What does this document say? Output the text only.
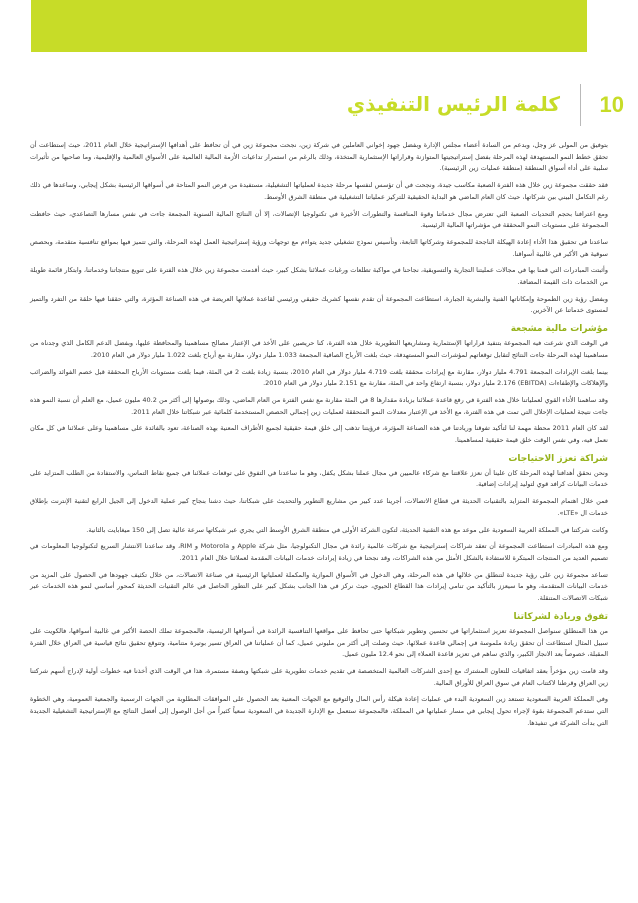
10
كلمة الرئيس التنفيذي

بتوفيق من المولى عز وجل، وبدعم من السادة أعضاء مجلس الإدارة وبفضل جهود إخواني العاملين في شركة زين، نجحت مجموعة زين في أن تحافظ على أهدافها الإستراتيجية خلال العام 2011، حيث إستطاعت أن تحقق خطط النمو المستهدفة لهذه المرحلة بفضل إستراتيجيتها المتوازنة وقراراتها الإستثمارية المتخذة، وذلك بالرغم من استمرار تداعيات الأزمة المالية العالمية على الأسواق العالمية والإقليمية، وما صاحبها من تأثيرات سلبية على أداء أسواق المنطقة (منطقة عمليات زين الرئيسية).

فقد حققت مجموعة زين خلال هذه الفترة الصعبة مكاسب جيدة، ونجحت في أن تؤسس لنفسها مرحلة جديدة لعملياتها التشغيلية، مستفيدة من فرص النمو المتاحة في أسواقها الرئيسية بشكل إيجابي، وساعدها في ذلك رغم التكامل البيني بين شركاتها، حيث كان العام الماضي هو البداية الحقيقية للتركيز عملياتنا التشغيلية في منطقة الشرق الأوسط.

ومع اعترافنا بحجم التحديات الصعبة التي تعترض مجال خدماتنا وقوة المنافسة والتطورات الأخيرة في تكنولوجيا الإتصالات، إلا أن النتائج المالية السنوية المجمعة جاءت في نفس مسارها التصاعدي، حيث حافظت المجموعة على مستويات النمو المحققة في مؤشراتها المالية الرئيسية.

ساعدنا في تحقيق هذا الأداء إعادة الهيكلة الناجحة للمجموعة وشركاتها التابعة، وتأسيس نموذج تشغيلي جديد يتواءم مع توجهات ورؤية إستراتيجية العمل لهذه المرحلة، والتي تتميز فيها بمواقع تنافسية متقدمة، وبحصص سوقية هي الأكبر في غالبية أسواقنا.

وأثبتت المبادرات التي قمنا بها في مجالات عمليتنا التجارية والتسويقية، نجاحنا في مواكبة تطلعات ورغبات عملائنا بشكل كبير، حيث أقدمت مجموعة زين خلال هذه الفترة على تنويع منتجاتنا وخدماتنا، وابتكار قائمة طويلة من الخدمات ذات القيمة المضافة.

وبفضل رؤية زين الطموحة وإمكاناتها الفنية والبشرية الجبارة، استطاعت المجموعة أن تقدم نفسها كشريك حقيقي ورئيسي لقاعدة عملائها العريضة في هذه الصناعة المؤثرة، والتي حققنا فيها حلقة من التفرد والتميز لمستوى خدماتنا عن الآخرين.

مؤشرات مالية مشجعة

في الوقت الذي شرعت فيه المجموعة بتنفيذ قراراتها الإستثمارية ومشاريعها التطويرية خلال هذه الفترة، كنا حريصين على الأخذ في الإعتبار مصالح مساهمينا والمحافظة عليها، وبفضل الدعم الكامل الذي وجدناه من مساهمينا لهذه المرحلة جاءت النتائج لتقابل توقعاتهم لمؤشرات النمو المستهدفة، حيث بلغت الأرباح الصافية المجمعة 1.033 مليار دولار، مقارنة مع أرباح بلغت 1.022 مليار دولار في العام 2010.

بينما بلغت الإيرادات المجمعة 4.791 مليار دولار، مقارنة مع إيرادات محققة بلغت 4.719 مليار دولار في العام 2010، بنسبة زيادة بلغت 2 في المئة، فيما بلغت مستويات الأرباح المحققة قبل خصم الفوائد والضرائب والإهلاكات والإطفاءات (EBITDA) 2.176 مليار دولار، بنسبة ارتفاع واحد في المئة، مقارنة مع 2.151 مليار دولار في العام 2010.

وقد ساهمنا الأداء القوي لعملياتنا خلال هذه الفترة في رفع قاعدة عملائنا بزيادة مقدارها 8 في المئة مقارنة مع نفس الفترة من العام الماضي، وذلك بوصولها إلى أكثر من 40.2 مليون عميل، مع العلم أن نسبة النمو هذه جاءت نتيجة لعمليات الإحلال التي تمت في هذه الفترة، مع الأخذ في الإعتبار معدلات النمو المتحققة لعمليات زين إجمالي الحصص المستخدمة كلمائية عبر شبكاتنا خلال العام 2011.

لقد كان العام 2011 محطة مهمة لنا لتأكيد تفوقنا وريادتنا في هذه الصناعة المؤثرة، فرؤيتنا تذهب إلى خلق قيمة حقيقية لجميع الأطراف المعنية بهذه الصناعة، تعود بالفائدة على مساهمينا وعلى عملائنا في كل مكان نعمل فيه، وفي نفس الوقت خلق قيمة حقيقية لمساهمينا.

شراكة تعزز الاحتياجات

ونحن نحقق أهدافنا لهذه المرحلة كان علينا أن نعزز علاقتنا مع شركاء عالميين في مجال عملنا بشكل يكفل، وهو ما ساعدنا في التفوق على توقعات عملائنا في جميع نقاط التماس، والاستفادة من الطلب المتزايد على خدمات البيانات كرافد قوي لتوليد إيرادات إضافية.

فمن خلال اهتمام المجموعة المتزايد بالتقنيات الحديثة في قطاع الاتصالات، أجرينا عدد كبير من مشاريع التطوير والتحديث على شبكاتنا، حيث دشنا بنجاح كبير عملية الدخول إلى الجيل الرابع لتقنية الإنترنت بإطلاق خدمات ال «LTE».

وكانت شركتنا في المملكة العربية السعودية على موعد مع هذه التقنية الحديثة، لتكون الشركة الأولى في منطقة الشرق الأوسط التي يجري عبر شبكاتها سرعة عالية تصل إلى 150 ميغابايت بالثانية.

ومع هذه المبادرات استطاعت المجموعة أن تعقد شراكات إستراتيجية مع شركات عالمية رائدة في مجال التكنولوجيا، مثل شركة Apple و Motorola و RIM، وقد ساعدنا الانتشار السريع لتكنولوجيا المعلومات في تصميم العديد من المنتجات المبتكرة للاستفادة بالشكل الأمثل من هذه الشراكات، وقد نجحنا في زيادة إيرادات خدمات البيانات المقدمة لعملائنا خلال العام 2011.

تساعد مجموعة زين على رؤية جديدة لتنطلق من خلالها في هذه المرحلة، وهي الدخول في الأسواق الموازية والمكملة لعملياتها الرئيسية في صناعة الاتصالات، من خلال تكثيف جهودها في الحصول على المزيد من خدمات البيانات المتقدمة، وهو ما سيعزز بالتأكيد من تنامي إيرادات هذا القطاع الحيوي، حيث نركز في هذا الجانب بشكل كبير على التطور الحاصل في عالم التقنيات الحديثة كمحور أساسي لنمو هذه الخدمات عبر شبكات الاتصالات المتنقلة.

تفوق وريادة لشركاتنا

من هذا المنطلق سنواصل المجموعة تعزيز استثماراتها في تحسين وتطوير شبكاتها حتى تحافظ على مواقعها التنافسية الرائدة في أسواقها الرئيسية، فالمجموعة تملك الحصة الأكبر في غالبية أسواقها، فالكويت على سبيل المثال استطاعت أن تحقق زيادة ملموسة في إجمالي قاعدة عملائها، حيث وصلت إلى أكثر من مليوني عميل، كما أن عملياتنا في العراق تسير بوتيرة متنامية، وتتوقع تحقيق نتائج قياسية في العراق خلال الفترة المقبلة، خصوصاً بعد الانجاز الكبير، والذي ساهم في تعزيز قاعدة العملاء إلى نحو 12.4 مليون عميل.

وقد قامت زين مؤخراً بعقد اتفاقيات للتعاون المشترك مع إحدى الشركات العالمية المتخصصة في تقديم خدمات تطويرية على شبكتها وبصفة مستمرة، هذا في الوقت الذي أخذنا فيه خطوات أولية لإدراج أسهم شركتنا زين العراق وقرطنا لاكتتاب العام في سوق العراق للأوراق المالية.

وفي المملكة العربية السعودية تستعد زين السعودية البدء في عمليات إعادة هيكلة رأس المال والتوقيع مع الجهات المعنية بعد الحصول على الموافقات المطلوبة من الجهات الرسمية والجمعية العمومية، وهي الخطوة التي ستدعم المجموعة بقوة لإجراء تحول إيجابي في مسار عملياتها في المملكة، فالمجموعة ستعمل مع الإدارة الجديدة في السعودية سعياً كثيراً من أجل الوصول إلى أفضل النتائج مع الإستراتيجية التشغيلية الجديدة التي بدأت الشركة في تنفيذها.
